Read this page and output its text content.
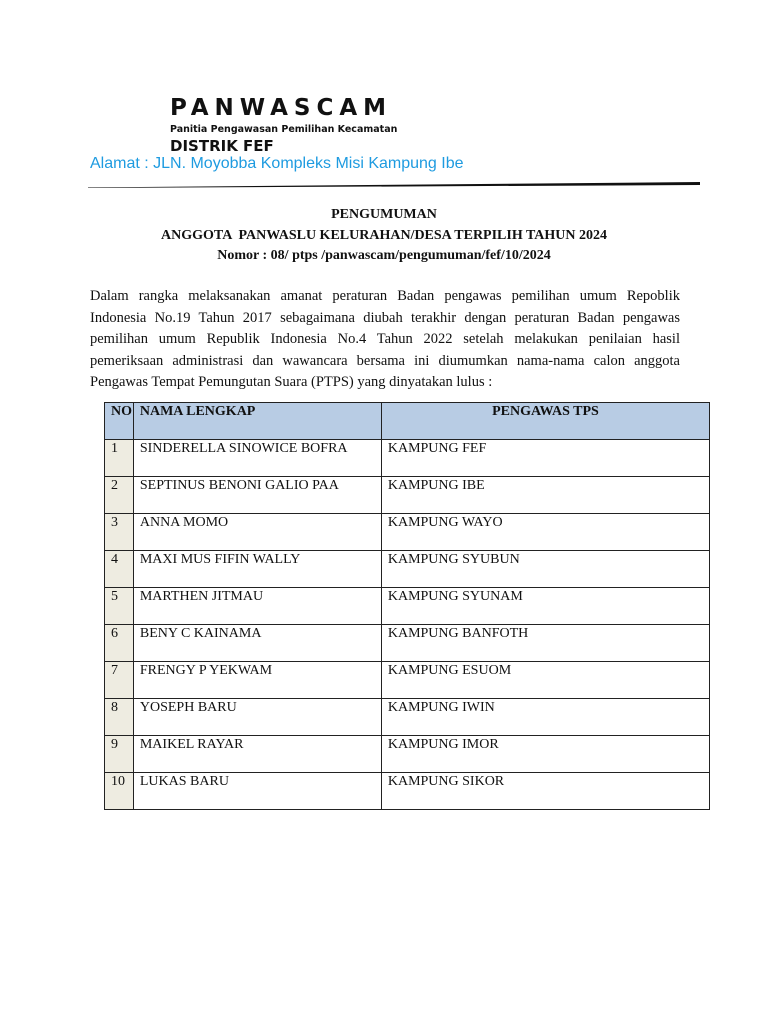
PANWASCAM
Panitia Pengawasan Pemilihan Kecamatan
DISTRIK FEF
Alamat : JLN. Moyobba Kompleks Misi Kampung Ibe
PENGUMUMAN
ANGGOTA  PANWASLU KELURAHAN/DESA TERPILIH TAHUN 2024
Nomor : 08/ ptps /panwascam/pengumuman/fef/10/2024

Dalam rangka melaksanakan amanat peraturan Badan pengawas pemilihan umum Repoblik Indonesia No.19 Tahun 2017 sebagaimana diubah terakhir dengan peraturan Badan pengawas pemilihan umum Republik Indonesia No.4 Tahun 2022 setelah melakukan penilaian hasil pemeriksaan administrasi dan wawancara bersama ini diumumkan nama-nama calon anggota Pengawas Tempat Pemungutan Suara (PTPS) yang dinyatakan lulus :

NO	NAMA LENGKAP	PENGAWAS TPS
1	SINDERELLA SINOWICE BOFRA	KAMPUNG FEF
2	SEPTINUS BENONI GALIO PAA	KAMPUNG IBE
3	ANNA MOMO	KAMPUNG WAYO
4	MAXI MUS FIFIN WALLY	KAMPUNG SYUBUN
5	MARTHEN JITMAU	KAMPUNG SYUNAM
6	BENY C KAINAMA	KAMPUNG BANFOTH
7	FRENGY P YEKWAM	KAMPUNG ESUOM
8	YOSEPH BARU	KAMPUNG IWIN
9	MAIKEL RAYAR	KAMPUNG IMOR
10	LUKAS BARU	KAMPUNG SIKOR
